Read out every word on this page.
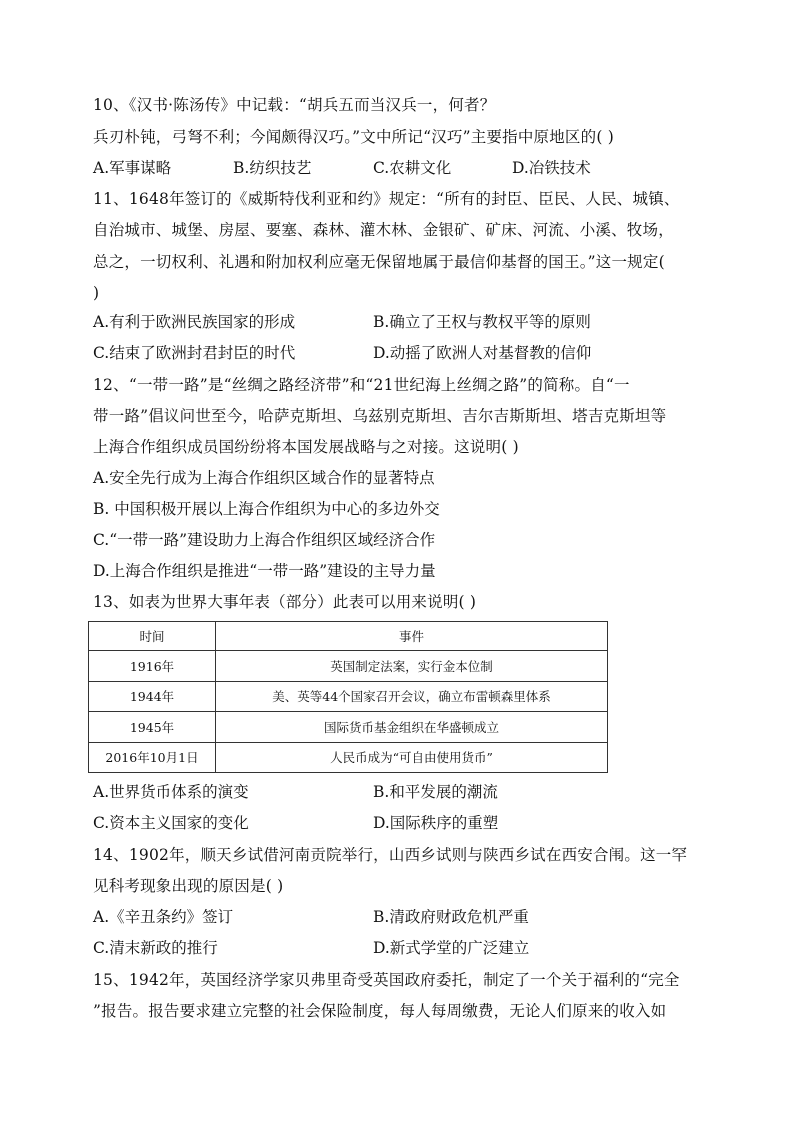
10、《汉书·陈汤传》中记载：“胡兵五而当汉兵一，何者？
兵刃朴钝，弓弩不利；今闻颇得汉巧。”文中所记“汉巧”主要指中原地区的( )
A.军事谋略	B.纺织技艺	C.农耕文化	D.冶铁技术
11、1648年签订的《威斯特伐利亚和约》规定：“所有的封臣、臣民、人民、城镇、
自治城市、城堡、房屋、要塞、森林、灌木林、金银矿、矿床、河流、小溪、牧场，
总之，一切权利、礼遇和附加权利应毫无保留地属于最信仰基督的国王。”这一规定(
)
A.有利于欧洲民族国家的形成	B.确立了王权与教权平等的原则
C.结束了欧洲封君封臣的时代	D.动摇了欧洲人对基督教的信仰
12、“一带一路”是“丝绸之路经济带”和“21世纪海上丝绸之路”的简称。自“一
带一路”倡议问世至今，哈萨克斯坦、乌兹别克斯坦、吉尔吉斯斯坦、塔吉克斯坦等
上海合作组织成员国纷纷将本国发展战略与之对接。这说明( )
A.安全先行成为上海合作组织区域合作的显著特点
B. 中国积极开展以上海合作组织为中心的多边外交
C.“一带一路”建设助力上海合作组织区域经济合作
D.上海合作组织是推进“一带一路”建设的主导力量
13、如表为世界大事年表（部分）此表可以用来说明( )
时间	事件
1916年	英国制定法案，实行金本位制
1944年	美、英等44个国家召开会议，确立布雷顿森里体系
1945年	国际货币基金组织在华盛顿成立
2016年10月1日	人民币成为“可自由使用货币”
A.世界货币体系的演变	B.和平发展的潮流
C.资本主义国家的变化	D.国际秩序的重塑
14、1902年，顺天乡试借河南贡院举行，山西乡试则与陕西乡试在西安合闱。这一罕
见科考现象出现的原因是( )
A.《辛丑条约》签订	B.清政府财政危机严重
C.清末新政的推行	D.新式学堂的广泛建立
15、1942年，英国经济学家贝弗里奇受英国政府委托，制定了一个关于福利的“完全
”报告。报告要求建立完整的社会保险制度，每人每周缴费，无论人们原来的收入如
